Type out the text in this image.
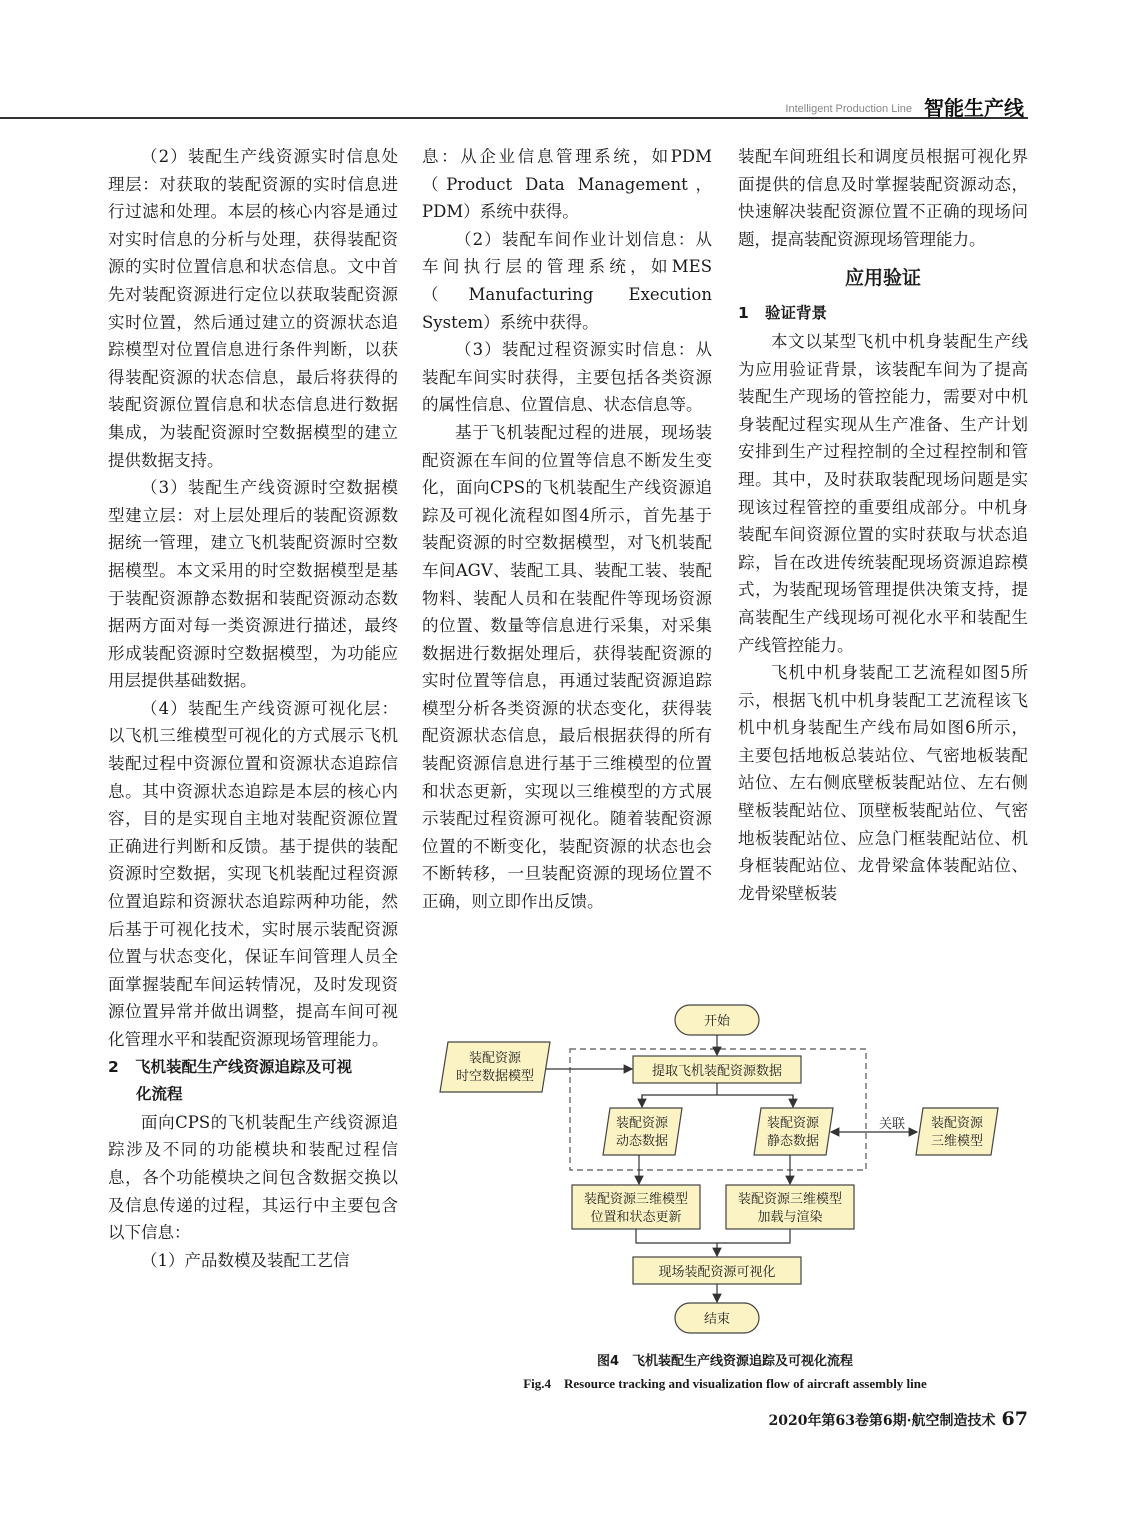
Intelligent Production Line 智能生产线

（2）装配生产线资源实时信息处理层：对获取的装配资源的实时信息进行过滤和处理。本层的核心内容是通过对实时信息的分析与处理，获得装配资源的实时位置信息和状态信息。文中首先对装配资源进行定位以获取装配资源实时位置，然后通过建立的资源状态追踪模型对位置信息进行条件判断，以获得装配资源的状态信息，最后将获得的装配资源位置信息和状态信息进行数据集成，为装配资源时空数据模型的建立提供数据支持。

（3）装配生产线资源时空数据模型建立层：对上层处理后的装配资源数据统一管理，建立飞机装配资源时空数据模型。本文采用的时空数据模型是基于装配资源静态数据和装配资源动态数据两方面对每一类资源进行描述，最终形成装配资源时空数据模型，为功能应用层提供基础数据。

（4）装配生产线资源可视化层：以飞机三维模型可视化的方式展示飞机装配过程中资源位置和资源状态追踪信息。其中资源状态追踪是本层的核心内容，目的是实现自主地对装配资源位置正确进行判断和反馈。基于提供的装配资源时空数据，实现飞机装配过程资源位置追踪和资源状态追踪两种功能，然后基于可视化技术，实时展示装配资源位置与状态变化，保证车间管理人员全面掌握装配车间运转情况，及时发现资源位置异常并做出调整，提高车间可视化管理水平和装配资源现场管理能力。

2 飞机装配生产线资源追踪及可视
化流程

面向CPS的飞机装配生产线资源追踪涉及不同的功能模块和装配过程信息，各个功能模块之间包含数据交换以及信息传递的过程，其运行中主要包含以下信息：

（1）产品数模及装配工艺信

息：从企业信息管理系统，如PDM（Product Data Management，PDM）系统中获得。

（2）装配车间作业计划信息：从车间执行层的管理系统，如MES（Manufacturing Execution System）系统中获得。

（3）装配过程资源实时信息：从装配车间实时获得，主要包括各类资源的属性信息、位置信息、状态信息等。

基于飞机装配过程的进展，现场装配资源在车间的位置等信息不断发生变化，面向CPS的飞机装配生产线资源追踪及可视化流程如图4所示，首先基于装配资源的时空数据模型，对飞机装配车间AGV、装配工具、装配工装、装配物料、装配人员和在装配件等现场资源的位置、数量等信息进行采集，对采集数据进行数据处理后，获得装配资源的实时位置等信息，再通过装配资源追踪模型分析各类资源的状态变化，获得装配资源状态信息，最后根据获得的所有装配资源信息进行基于三维模型的位置和状态更新，实现以三维模型的方式展示装配过程资源可视化。随着装配资源位置的不断变化，装配资源的状态也会不断转移，一旦装配资源的现场位置不正确，则立即作出反馈。

装配车间班组长和调度员根据可视化界面提供的信息及时掌握装配资源动态，快速解决装配资源位置不正确的现场问题，提高装配资源现场管理能力。

应用验证
1 验证背景

本文以某型飞机中机身装配生产线为应用验证背景，该装配车间为了提高装配生产现场的管控能力，需要对中机身装配过程实现从生产准备、生产计划安排到生产过程控制的全过程控制和管理。其中，及时获取装配现场问题是实现该过程管控的重要组成部分。中机身装配车间资源位置的实时获取与状态追踪，旨在改进传统装配现场资源追踪模式，为装配现场管理提供决策支持，提高装配生产线现场可视化水平和装配生产线管控能力。

飞机中机身装配工艺流程如图5所示，根据飞机中机身装配工艺流程该飞机中机身装配生产线布局如图6所示，主要包括地板总装站位、气密地板装配站位、左右侧底壁板装配站位、左右侧壁板装配站位、顶壁板装配站位、气密地板装配站位、应急门框装配站位、机身框装配站位、龙骨梁盒体装配站位、龙骨梁壁板装

开始
装配资源
时空数据模型	提取飞机装配资源数据
装配资源
动态数据
装配资源
静态数据
装配资源
三维模型
关联
装配资源三维模型
位置和状态更新
装配资源三维模型
加载与渲染
现场装配资源可视化
结束
图4　飞机装配生产线资源追踪及可视化流程
Fig.4　Resource tracking and visualization flow of aircraft assembly line
2020年第63卷第6期·航空制造技术 67
